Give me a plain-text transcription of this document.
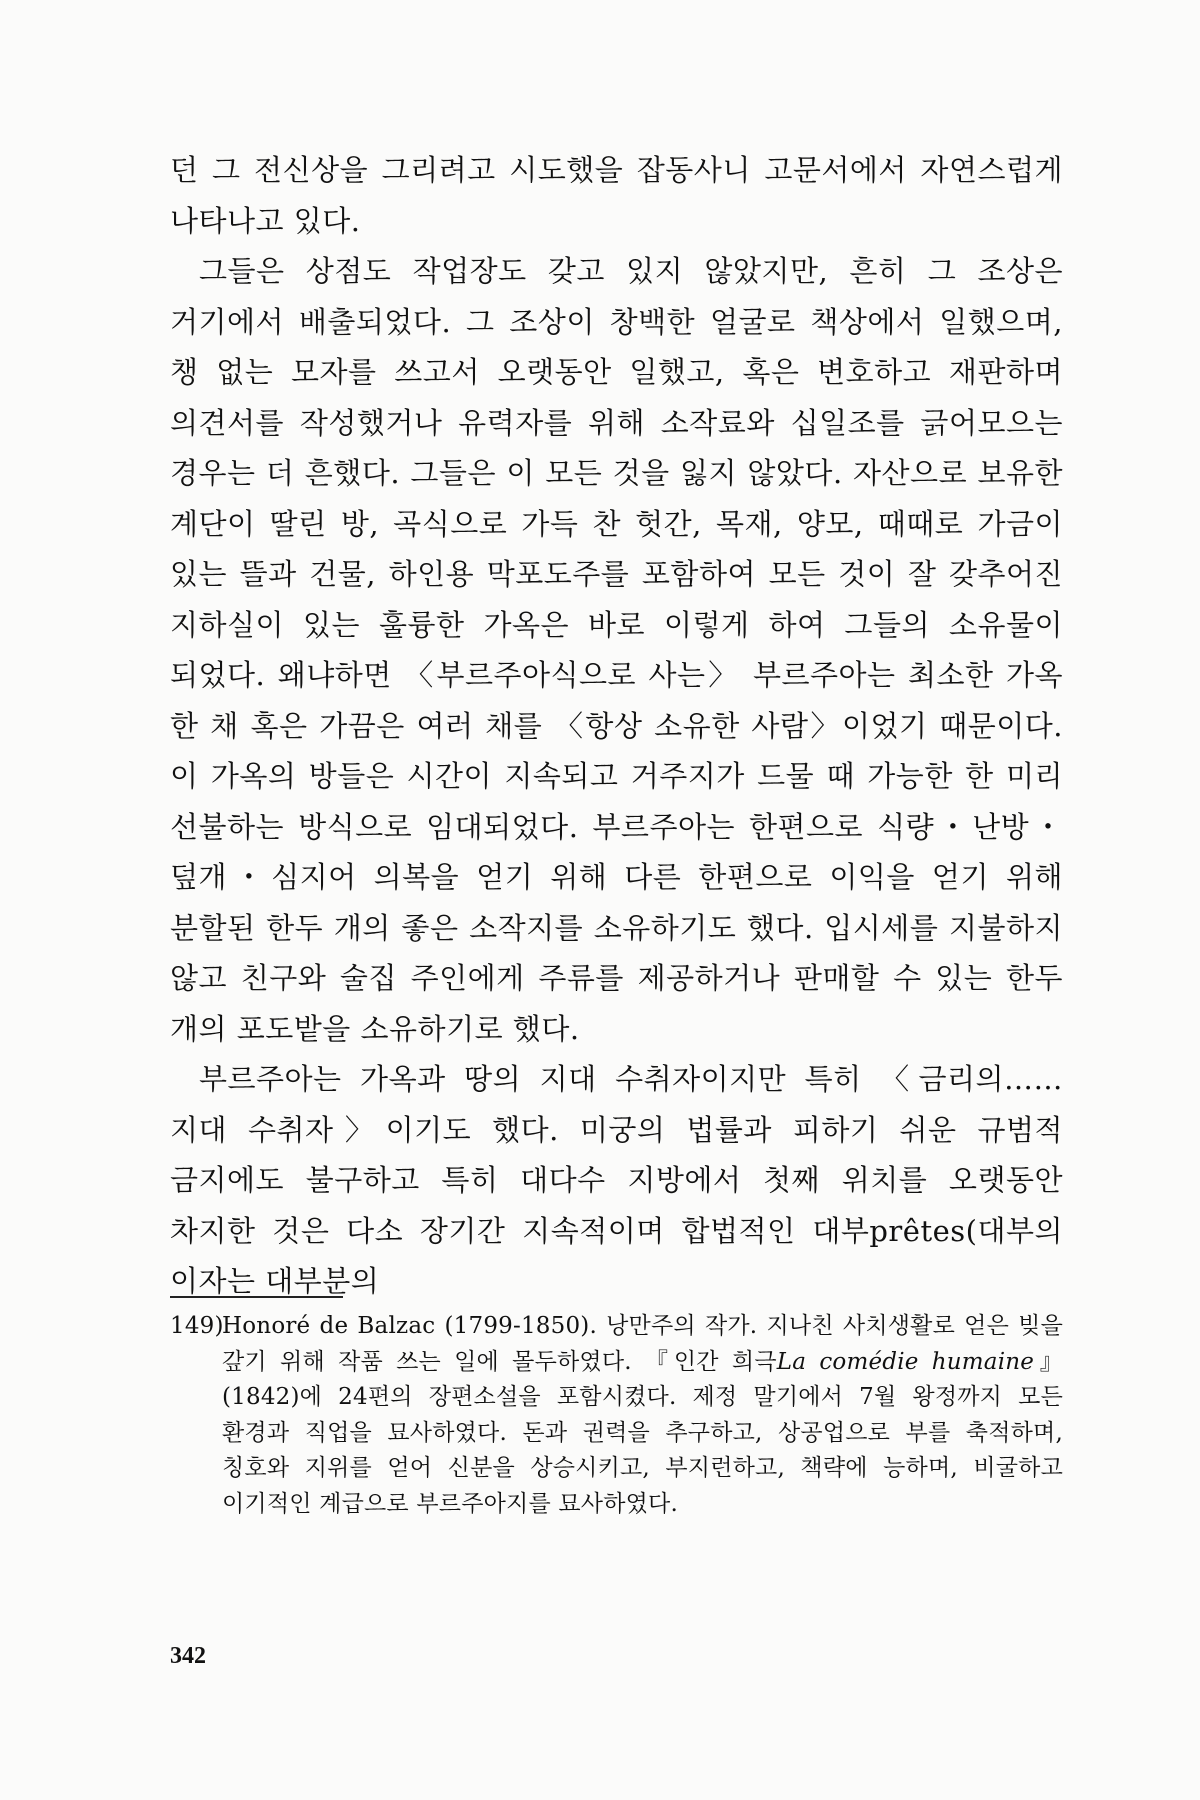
던 그 전신상을 그리려고 시도했을 잡동사니 고문서에서 자연스럽게 나타나고 있다.

그들은 상점도 작업장도 갖고 있지 않았지만, 흔히 그 조상은 거기에서 배출되었다. 그 조상이 창백한 얼굴로 책상에서 일했으며, 챙 없는 모자를 쓰고서 오랫동안 일했고, 혹은 변호하고 재판하며 의견서를 작성했거나 유력자를 위해 소작료와 십일조를 긁어모으는 경우는 더 흔했다. 그들은 이 모든 것을 잃지 않았다. 자산으로 보유한 계단이 딸린 방, 곡식으로 가득 찬 헛간, 목재, 양모, 때때로 가금이 있는 뜰과 건물, 하인용 막포도주를 포함하여 모든 것이 잘 갖추어진 지하실이 있는 훌륭한 가옥은 바로 이렇게 하여 그들의 소유물이 되었다. 왜냐하면 〈부르주아식으로 사는〉 부르주아는 최소한 가옥 한 채 혹은 가끔은 여러 채를 〈항상 소유한 사람〉이었기 때문이다. 이 가옥의 방들은 시간이 지속되고 거주지가 드물 때 가능한 한 미리 선불하는 방식으로 임대되었다. 부르주아는 한편으로 식량・난방・덮개・심지어 의복을 얻기 위해 다른 한편으로 이익을 얻기 위해 분할된 한두 개의 좋은 소작지를 소유하기도 했다. 입시세를 지불하지 않고 친구와 술집 주인에게 주류를 제공하거나 판매할 수 있는 한두 개의 포도밭을 소유하기로 했다.

부르주아는 가옥과 땅의 지대 수취자이지만 특히 〈금리의…… 지대 수취자〉이기도 했다. 미궁의 법률과 피하기 쉬운 규범적 금지에도 불구하고 특히 대다수 지방에서 첫째 위치를 오랫동안 차지한 것은 다소 장기간 지속적이며 합법적인 대부prêtes(대부의 이자는 대부분의

149)
Honoré de Balzac (1799-1850). 낭만주의 작가. 지나친 사치생활로 얻은 빚을 갚기 위해 작품 쓰는 일에 몰두하였다. 『인간 희극La comédie humaine』(1842)에 24편의 장편소설을 포함시켰다. 제정 말기에서 7월 왕정까지 모든 환경과 직업을 묘사하였다. 돈과 권력을 추구하고, 상공업으로 부를 축적하며, 칭호와 지위를 얻어 신분을 상승시키고, 부지런하고, 책략에 능하며, 비굴하고 이기적인 계급으로 부르주아지를 묘사하였다.
342
